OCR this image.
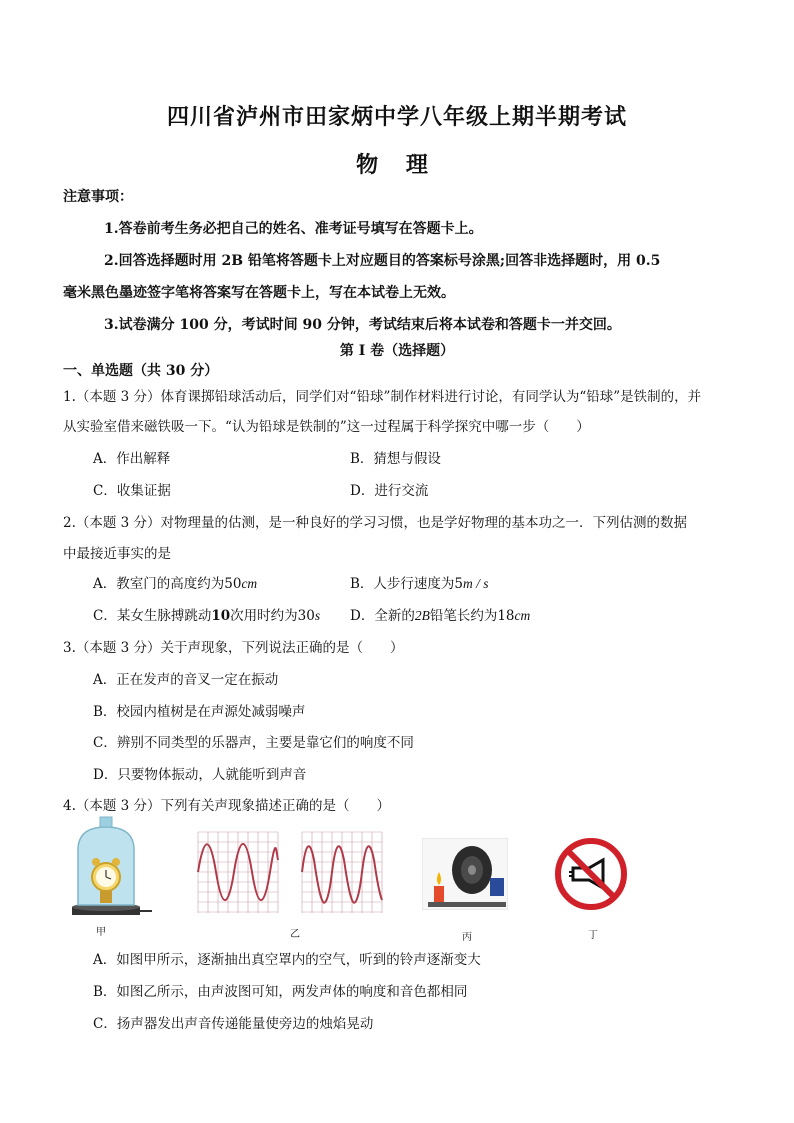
四川省泸州市田家炳中学八年级上期半期考试
物 理
注意事项：
1.答卷前考生务必把自己的姓名、准考证号填写在答题卡上。
2.回答选择题时用 2B 铅笔将答题卡上对应题目的答案标号涂黑;回答非选择题时，用 0.5
毫米黑色墨迹签字笔将答案写在答题卡上，写在本试卷上无效。
3.试卷满分 100 分，考试时间 90 分钟，考试结束后将本试卷和答题卡一并交回。
第 I 卷（选择题）
一、单选题（共 30 分）
1.（本题 3 分）体育课掷铅球活动后，同学们对“铅球”制作材料进行讨论，有同学认为“铅球”是铁制的，并
从实验室借来磁铁吸一下。“认为铅球是铁制的”这一过程属于科学探究中哪一步（　　）
A．作出解释	B．猜想与假设
C．收集证据	D．进行交流
2.（本题 3 分）对物理量的估测，是一种良好的学习习惯，也是学好物理的基本功之一．下列估测的数据
中最接近事实的是
A．教室门的高度约为50cm	B．人步行速度为5m / s
C．某女生脉搏跳动10次用时约为30s D．全新的2B铅笔长约为18cm
3.（本题 3 分）关于声现象，下列说法正确的是（　　）
A．正在发声的音叉一定在振动
B．校园内植树是在声源处减弱噪声
C．辨别不同类型的乐器声，主要是靠它们的响度不同
D．只要物体振动，人就能听到声音
4.（本题 3 分）下列有关声现象描述正确的是（　　）
甲	乙	丙	丁
A．如图甲所示，逐渐抽出真空罩内的空气，听到的铃声逐渐变大
B．如图乙所示，由声波图可知，两发声体的响度和音色都相同
C．扬声器发出声音传递能量使旁边的烛焰晃动
